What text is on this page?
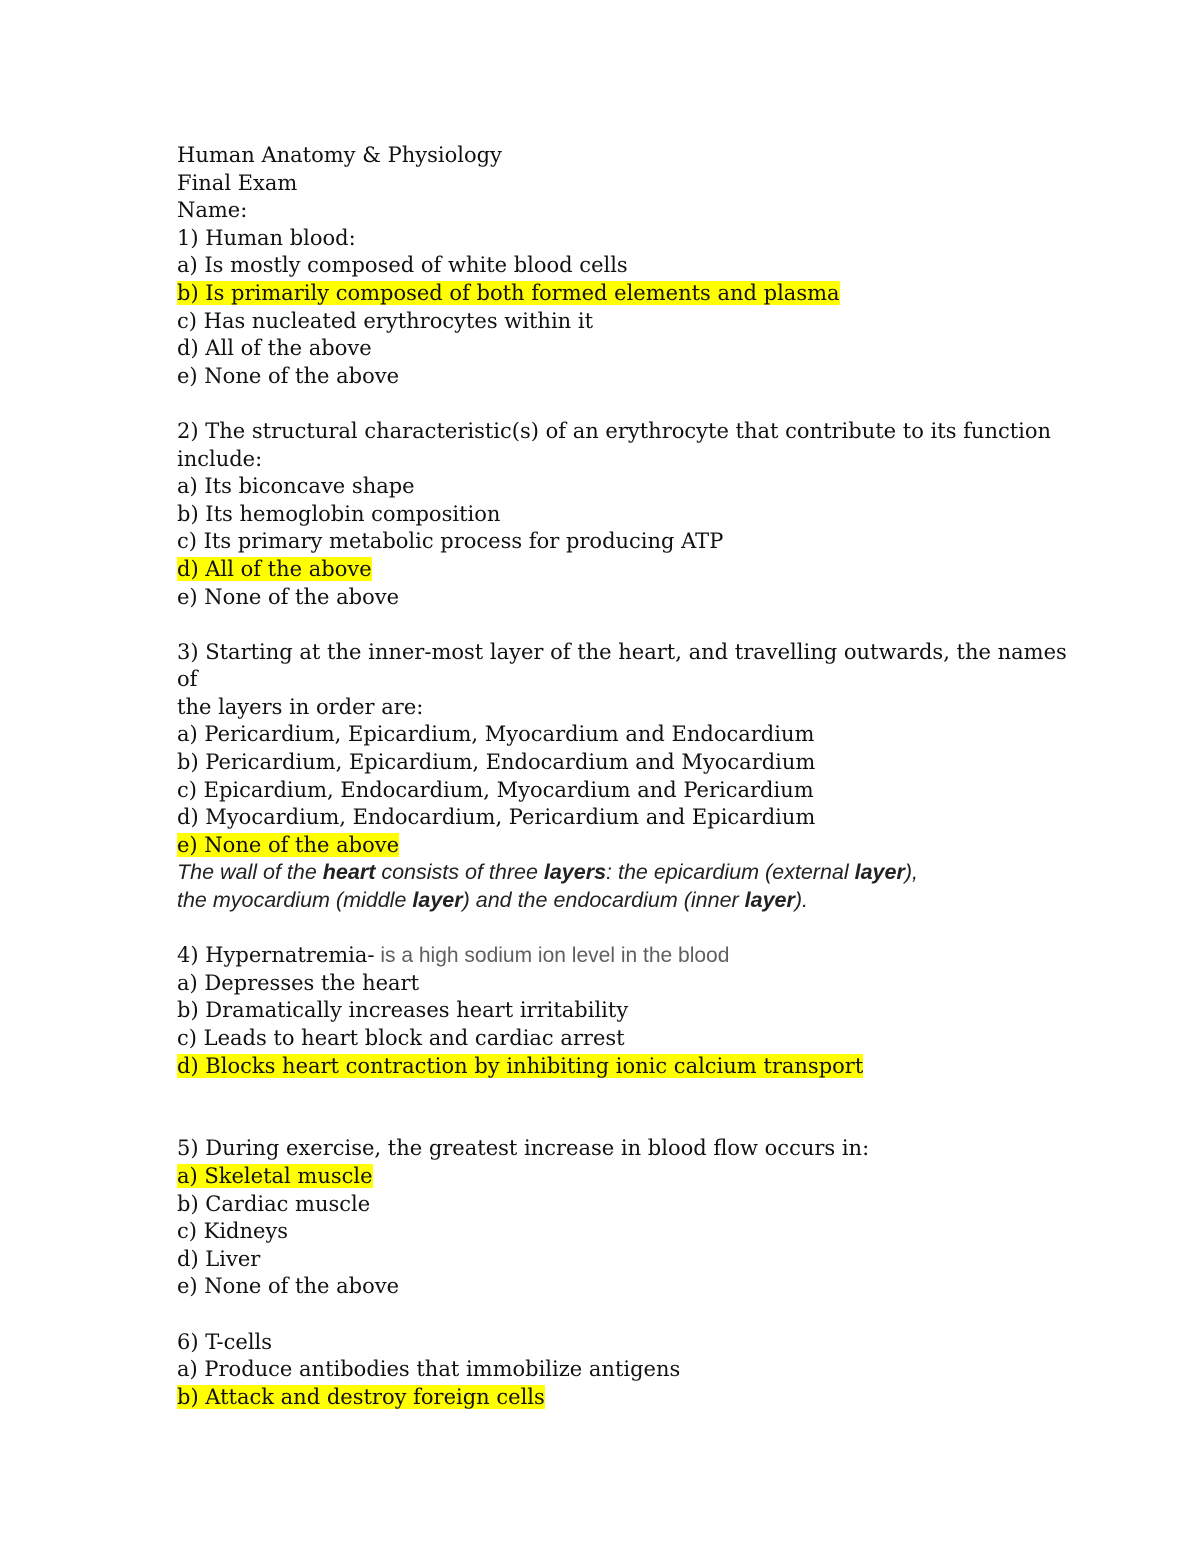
Human Anatomy & Physiology
Final Exam
Name:
1) Human blood:
a) Is mostly composed of white blood cells
b) Is primarily composed of both formed elements and plasma
c) Has nucleated erythrocytes within it
d) All of the above
e) None of the above
2) The structural characteristic(s) of an erythrocyte that contribute to its function
include:
a) Its biconcave shape
b) Its hemoglobin composition
c) Its primary metabolic process for producing ATP
d) All of the above
e) None of the above
3) Starting at the inner-most layer of the heart, and travelling outwards, the names
of
the layers in order are:
a) Pericardium, Epicardium, Myocardium and Endocardium
b) Pericardium, Epicardium, Endocardium and Myocardium
c) Epicardium, Endocardium, Myocardium and Pericardium
d) Myocardium, Endocardium, Pericardium and Epicardium
e) None of the above
The wall of the heart consists of three layers: the epicardium (external layer),
the myocardium (middle layer) and the endocardium (inner layer).
4) Hypernatremia- is a high sodium ion level in the blood
a) Depresses the heart
b) Dramatically increases heart irritability
c) Leads to heart block and cardiac arrest
d) Blocks heart contraction by inhibiting ionic calcium transport
5) During exercise, the greatest increase in blood flow occurs in:
a) Skeletal muscle
b) Cardiac muscle
c) Kidneys
d) Liver
e) None of the above
6) T-cells
a) Produce antibodies that immobilize antigens
b) Attack and destroy foreign cells
